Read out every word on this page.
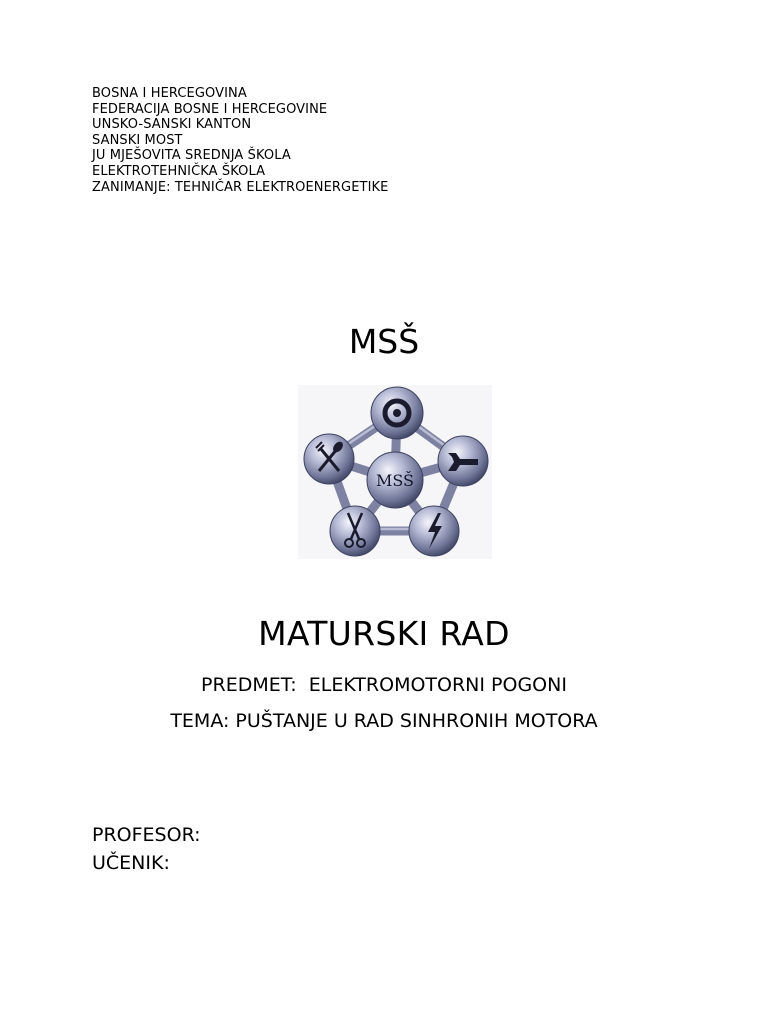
BOSNA I HERCEGOVINA
FEDERACIJA BOSNE I HERCEGOVINE
UNSKO-SANSKI KANTON
SANSKI MOST
JU MJEŠOVITA SREDNJA ŠKOLA
ELEKTROTEHNIČKA ŠKOLA
ZANIMANJE: TEHNIČAR ELEKTROENERGETIKE
MSŠ
MSŠ
MATURSKI RAD
PREDMET:  ELEKTROMOTORNI POGONI
TEMA: PUŠTANJE U RAD SINHRONIH MOTORA
PROFESOR:
UČENIK:
